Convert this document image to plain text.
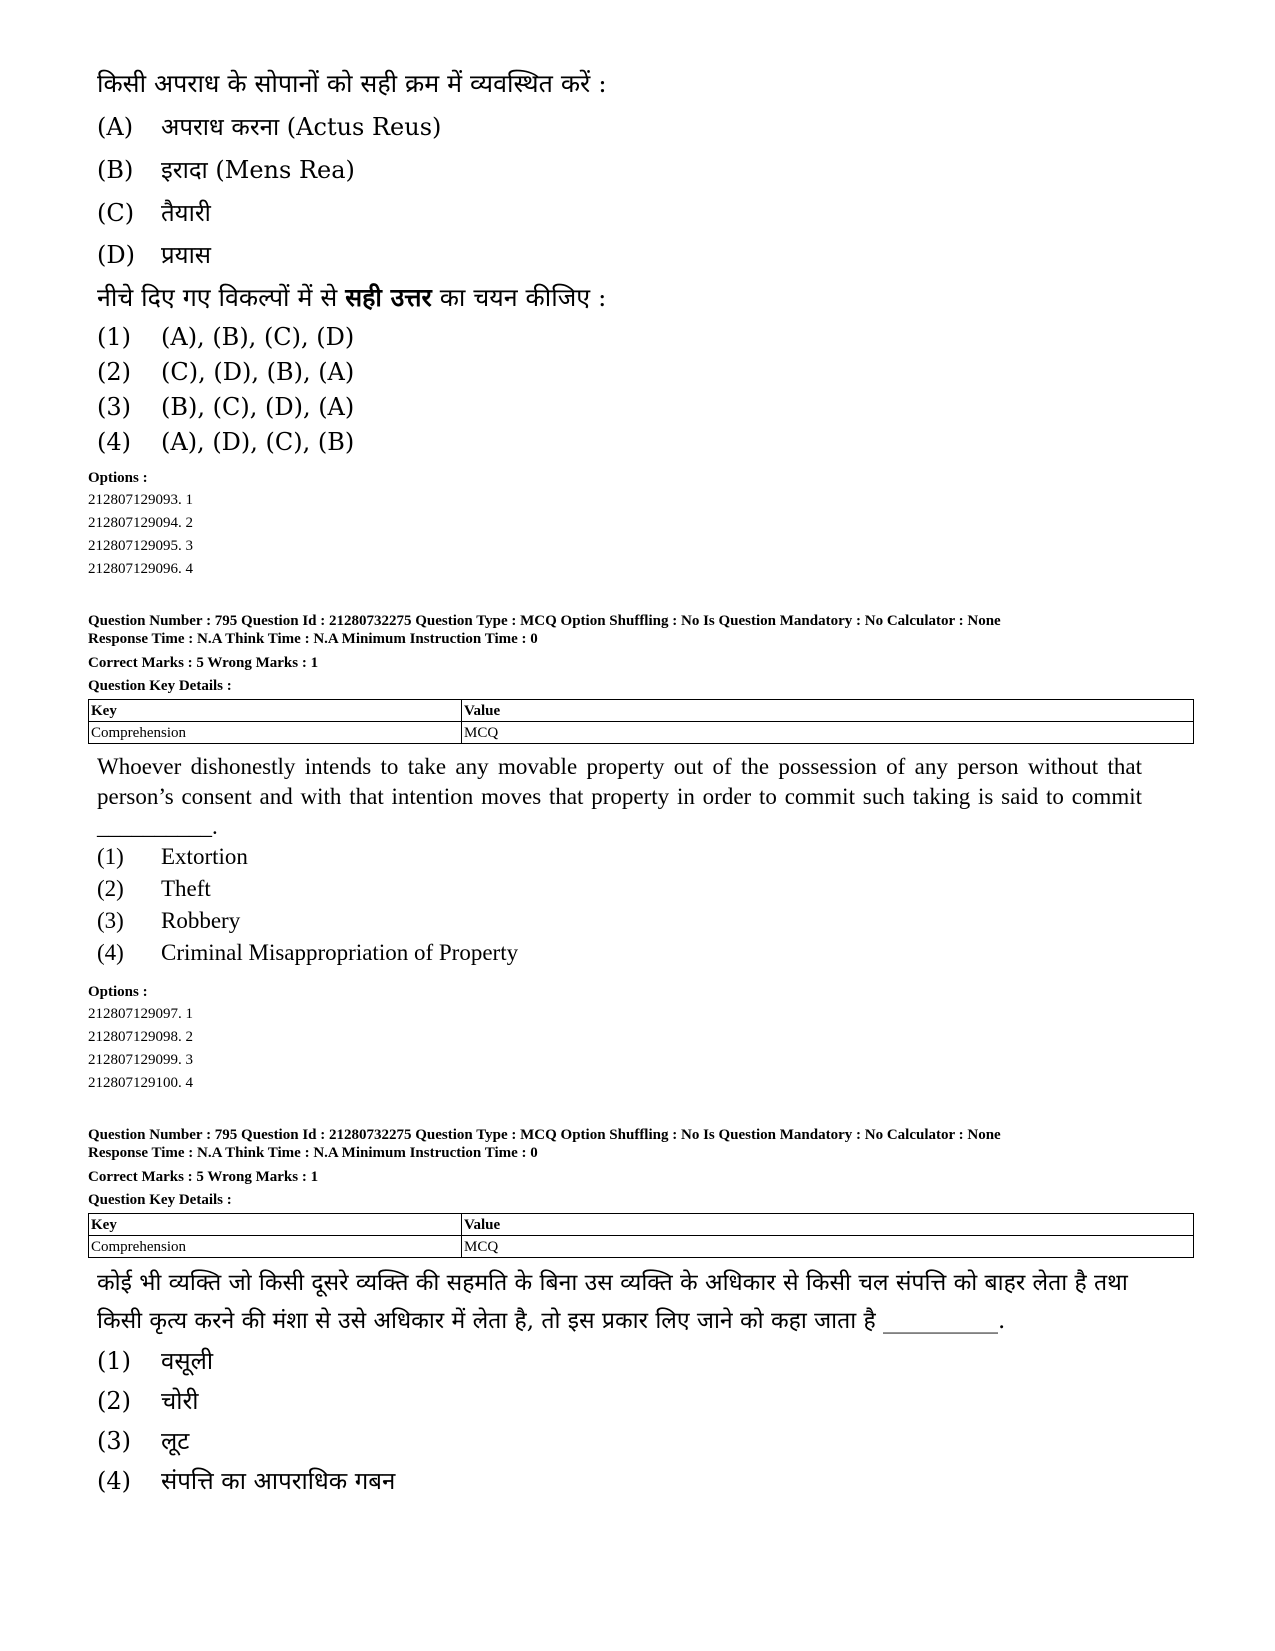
किसी अपराध के सोपानों को सही क्रम में व्यवस्थित करें :

(A)	अपराध करना (Actus Reus)
(B)	इरादा (Mens Rea)
(C)	तैयारी
(D)	प्रयास

नीचे दिए गए विकल्पों में से सही उत्तर का चयन कीजिए :

(1)	(A), (B), (C), (D)
(2)	(C), (D), (B), (A)
(3)	(B), (C), (D), (A)
(4)	(A), (D), (C), (B)
Options :
212807129093. 1
212807129094. 2
212807129095. 3
212807129096. 4
Question Number : 795 Question Id : 21280732275 Question Type : MCQ Option Shuffling : No Is Question Mandatory : No Calculator : None
Response Time : N.A Think Time : N.A Minimum Instruction Time : 0
Correct Marks : 5 Wrong Marks : 1
Question Key Details :
Key	Value
Comprehension	MCQ

Whoever dishonestly intends to take any movable property out of the possession of any person without that person’s consent and with that intention moves that property in order to commit such taking is said to commit __________.

(1)	Extortion
(2)	Theft
(3)	Robbery
(4)	Criminal Misappropriation of Property
Options :
212807129097. 1
212807129098. 2
212807129099. 3
212807129100. 4
Question Number : 795 Question Id : 21280732275 Question Type : MCQ Option Shuffling : No Is Question Mandatory : No Calculator : None
Response Time : N.A Think Time : N.A Minimum Instruction Time : 0
Correct Marks : 5 Wrong Marks : 1
Question Key Details :
Key	Value
Comprehension	MCQ

कोई भी व्यक्ति जो किसी दूसरे व्यक्ति की सहमति के बिना उस व्यक्ति के अधिकार से किसी चल संपत्ति को बाहर लेता है तथा किसी कृत्य करने की मंशा से उसे अधिकार में लेता है, तो इस प्रकार लिए जाने को कहा जाता है __________.

(1)	वसूली
(2)	चोरी
(3)	लूट
(4)	संपत्ति का आपराधिक गबन
